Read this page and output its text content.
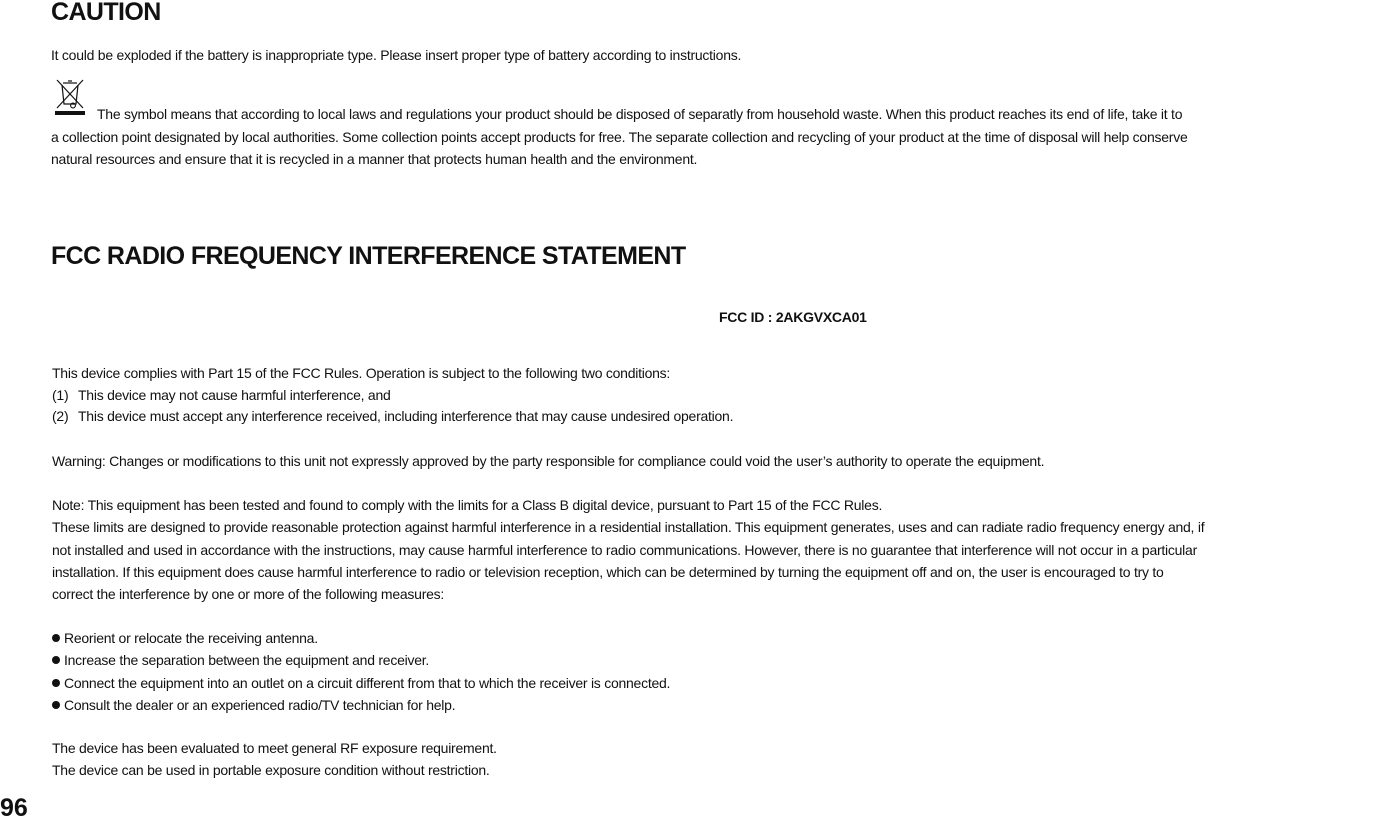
CAUTION
It could be exploded if the battery is inappropriate type. Please insert proper type of battery according to instructions.
The symbol means that according to local laws and regulations your product should be disposed of separatly from household waste. When this product reaches its end of life, take it to
a collection point designated by local authorities. Some collection points accept products for free. The separate collection and recycling of your product at the time of disposal will help conserve
natural resources and ensure that it is recycled in a manner that protects human health and the environment.
FCC RADIO FREQUENCY INTERFERENCE STATEMENT
FCC ID : 2AKGVXCA01
This device complies with Part 15 of the FCC Rules. Operation is subject to the following two conditions:
(1) This device may not cause harmful interference, and
(2) This device must accept any interference received, including interference that may cause undesired operation.
Warning: Changes or modifications to this unit not expressly approved by the party responsible for compliance could void the user’s authority to operate the equipment.
Note: This equipment has been tested and found to comply with the limits for a Class B digital device, pursuant to Part 15 of the FCC Rules.
These limits are designed to provide reasonable protection against harmful interference in a residential installation. This equipment generates, uses and can radiate radio frequency energy and, if
not installed and used in accordance with the instructions, may cause harmful interference to radio communications. However, there is no guarantee that interference will not occur in a particular
installation. If this equipment does cause harmful interference to radio or television reception, which can be determined by turning the equipment off and on, the user is encouraged to try to
correct the interference by one or more of the following measures:
Reorient or relocate the receiving antenna.
Increase the separation between the equipment and receiver.
Connect the equipment into an outlet on a circuit different from that to which the receiver is connected.
Consult the dealer or an experienced radio/TV technician for help.
The device has been evaluated to meet general RF exposure requirement.
The device can be used in portable exposure condition without restriction.
96
